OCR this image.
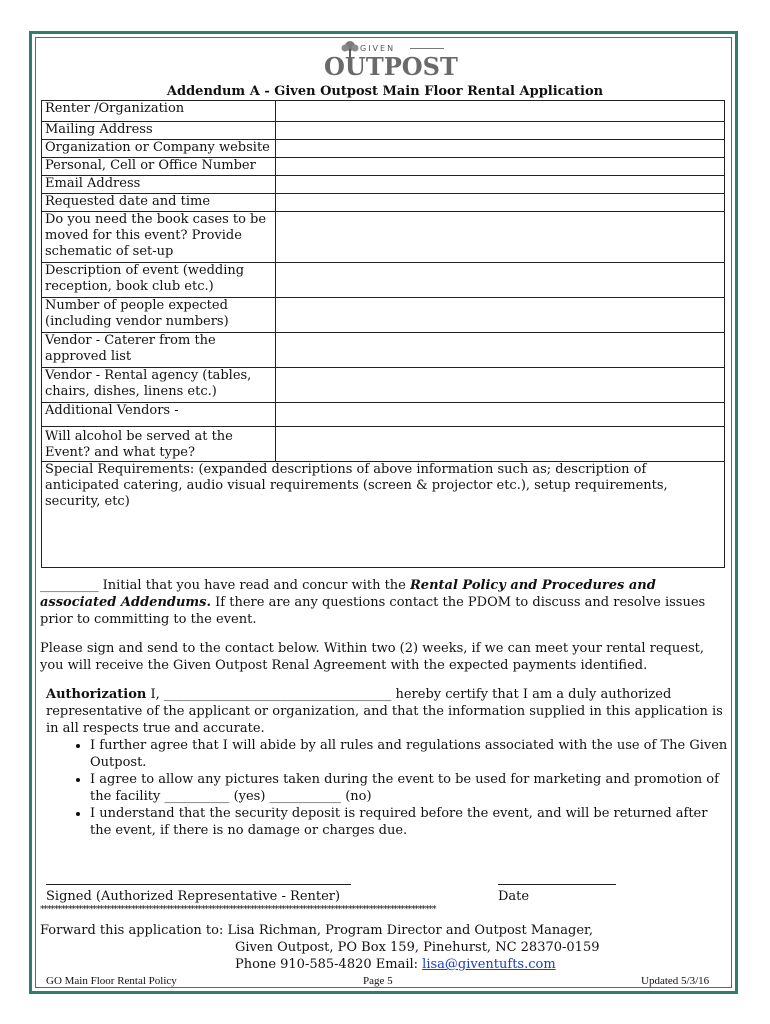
GIVEN
OUTPOST
Addendum A - Given Outpost Main Floor Rental Application
Renter /Organization	
Mailing Address	
Organization or Company website	
Personal, Cell or Office Number	
Email Address	
Requested date and time	
Do you need the book cases to be moved for this event? Provide schematic of set-up	
Description of event (wedding reception, book club etc.)	
Number of people expected (including vendor numbers)	
Vendor - Caterer from the approved list	
Vendor - Rental agency (tables, chairs, dishes, linens etc.)	
Additional Vendors -	
Will alcohol be served at the Event? and what type?	
Special Requirements: (expanded descriptions of above information such as; description of anticipated catering, audio visual requirements (screen & projector etc.), setup requirements, security, etc)	
_________ Initial that you have read and concur with the Rental Policy and Procedures and associated Addendums. If there are any questions contact the PDOM to discuss and resolve issues prior to committing to the event.
Please sign and send to the contact below. Within two (2) weeks, if we can meet your rental request, you will receive the Given Outpost Renal Agreement with the expected payments identified.
Authorization I, ___________________________________ hereby certify that I am a duly authorized representative of the applicant or organization, and that the information supplied in this application is in all respects true and accurate.
• I further agree that I will abide by all rules and regulations associated with the use of The Given Outpost.
• I agree to allow any pictures taken during the event to be used for marketing and promotion of the facility __________ (yes) ___________ (no)
• I understand that the security deposit is required before the event, and will be returned after the event, if there is no damage or charges due.
Signed (Authorized Representative - Renter)	Date
*****************************************************************************************************************
Forward this application to: Lisa Richman, Program Director and Outpost Manager,
Given Outpost, PO Box 159, Pinehurst, NC 28370-0159
Phone 910-585-4820 Email: lisa@giventufts.com
GO Main Floor Rental Policy	Page 5	Updated 5/3/16
